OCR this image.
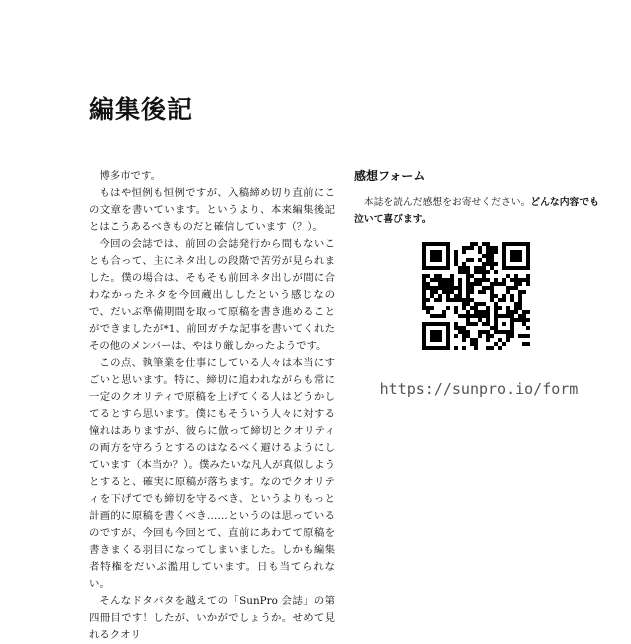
編集後記

博多市です。

もはや恒例も恒例ですが、入稿締め切り直前にこの文章を書いています。というより、本来編集後記とはこうあるべきものだと確信しています（？）。

今回の会誌では、前回の会誌発行から間もないことも合って、主にネタ出しの段階で苦労が見られました。僕の場合は、そもそも前回ネタ出しが間に合わなかったネタを今回蔵出ししたという感じなので、だいぶ準備期間を取って原稿を書き進めることができましたが*1、前回ガチな記事を書いてくれたその他のメンバーは、やはり厳しかったようです。

この点、執筆業を仕事にしている人々は本当にすごいと思います。特に、締切に追われながらも常に一定のクオリティで原稿を上げてくる人はどうかしてるとすら思います。僕にもそういう人々に対する憧れはありますが、彼らに倣って締切とクオリティの両方を守ろうとするのはなるべく避けるようにしています（本当か？）。僕みたいな凡人が真似しようとすると、確実に原稿が落ちます。なのでクオリティを下げてでも締切を守るべき、というよりもっと計画的に原稿を書くべき……というのは思っているのですが、今回も今回とて、直前にあわてて原稿を書きまくる羽目になってしまいました。しかも編集者特権をだいぶ濫用しています。日も当てられない。

そんなドタバタを越えての「SunPro 会誌」の第四冊目です！したが、いかがでしょうか。せめて見れるクオリ

感想フォーム

本誌を読んだ感想をお寄せください。どんな内容でも泣いて喜びます。

https://sunpro.io/form
